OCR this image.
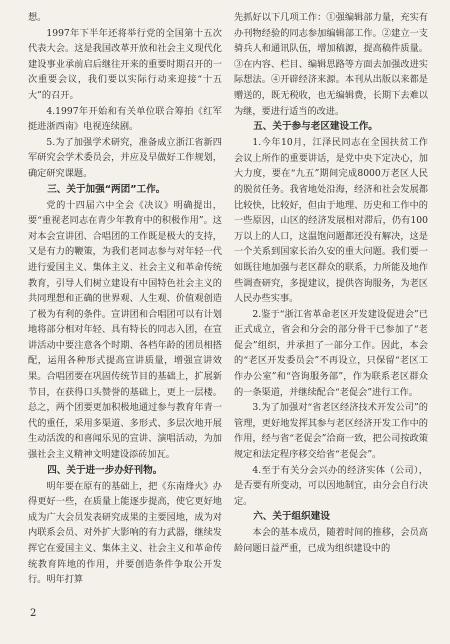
想。

1997年下半年还将举行党的全国第十五次代表大会。这是我国改革开放和社会主义现代化建设事业承前启后继往开来的重要时期召开的一次重要会议，我们要以实际行动来迎接“十五大”的召开。

4.1997年开始和有关单位联合筹拍《红军挺进浙西南》电视连续剧。

5.为了加强学术研究，准备成立浙江省新四军研究会学术委员会，并应及早做好工作规划，确定研究课题。

三、关于加强“两团”工作。

党的十四届六中全会《决议》明确提出，要“重视老同志在青少年教育中的积极作用”。这对本会宣讲团、合唱团的工作既是极大的支持，又是有力的鞭策，为我们老同志参与对年轻一代进行爱国主义、集体主义、社会主义和革命传统教育，引导人们树立建设有中国特色社会主义的共同理想和正确的世界观、人生观、价值观创造了极为有利的条件。宣讲团和合唱团可以有计划地将部分相对年轻、具有特长的同志入团，在宣讲活动中要注意各个时期、各档年龄的团员相搭配，运用各种形式提高宣讲质量，增强宣讲效果。合唱团要在巩固传统节目的基础上，扩展新节目，在获得口头赞誉的基础上，更上一层楼。总之，两个团要更加积极地通过参与教育年青一代的重任，采用多渠道、多形式、多层次地开展生动活泼的和喜闻乐见的宣讲、演唱活动，为加强社会主义精神文明建设添砖加瓦。

四、关于进一步办好刊物。

明年要在原有的基础上，把《东南烽火》办得更好一些，在质量上能逐步提高，使它更好地成为广大会员发表研究成果的主要园地，成为对内联系会员、对外扩大影响的有力武器，继续发挥它在爱国主义、集体主义、社会主义和革命传统教育阵地的作用，并要创造条件争取公开发行。明年打算

先抓好以下几项工作：①强编辑部力量，充实有办刊物经验的同志参加编辑部工作。②建立一支骑兵人和通讯队伍，增加稿源，提高稿件质量。③在内容、栏目、编辑思路等方面去加强改进实际想法。④开辟经济来源。本刊从出版以来都是赠送的，既无税收，也无编辑费，长期下去难以为继，要进行适当的改进。

五、关于参与老区建设工作。

1.今年10月，江泽民同志在全国扶贫工作会议上所作的重要讲话，是党中央下定决心，加大力度，要在“九五”期间完成8000万老区人民的脱贫任务。我省地处沿海，经济和社会发展都比较快，比较好，但由于地理、历史和工作中的一些原因，山区的经济发展相对滞后，仍有100万以上的人口，这温饱问题都还没有解决，这是一个关系到国家长治久安的重大问题。我们要一如既往地加强与老区群众的联系，力所能及地作些调查研究，多提建议，提供咨询服务，为老区人民办些实事。

2.鉴于“浙江省革命老区开发建设促进会”已正式成立，省会和分会的部分骨干已参加了“老促会”组织，并承担了一部分工作。因此，本会的“老区开发委员会”不再设立，只保留“老区工作办公室”和“咨询服务部”，作为联系老区群众的一条渠道，并继续配合“老促会”进行工作。

3.为了加强对“省老区经济技术开发公司”的管理，更好地发挥其参与老区经济开发工作中的作用，经与省“老促会”洽商一致，把公司按政策规定和法定程序移交给省“老促会”。

4.至于有关分会兴办的经济实体（公司），是否要有所变动，可以因地制宜，由分会自行决定。

六、关于组织建设

本会的基本成员，随着时间的推移，会员高龄问题日益严重，已成为组织建设中的

2
